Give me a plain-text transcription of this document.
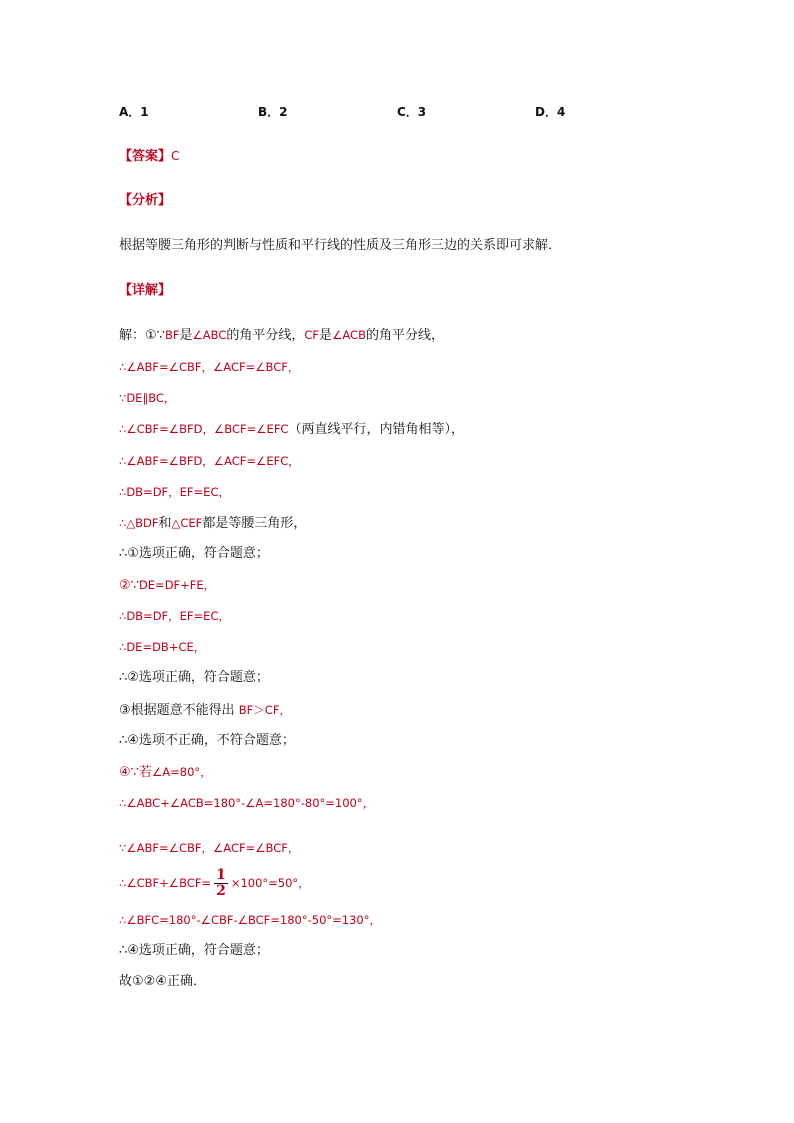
A．1	B．2	C．3	D．4
【答案】C
【分析】
根据等腰三角形的判断与性质和平行线的性质及三角形三边的关系即可求解．
【详解】
解：①∵BF是∠ABC的角平分线，CF是∠ACB的角平分线，
∴∠ABF=∠CBF，∠ACF=∠BCF，
∵DE∥BC，
∴∠CBF=∠BFD，∠BCF=∠EFC（两直线平行，内错角相等），
∴∠ABF=∠BFD，∠ACF=∠EFC，
∴DB=DF，EF=EC，
∴△BDF和△CEF都是等腰三角形，
∴①选项正确，符合题意；
②∵DE=DF+FE，
∴DB=DF，EF=EC，
∴DE=DB+CE，
∴②选项正确，符合题意；
③根据题意不能得出 BF＞CF，
∴④选项不正确，不符合题意；
④∵若∠A=80°，
∴∠ABC+∠ACB=180°-∠A=180°-80°=100°，
∵∠ABF=∠CBF，∠ACF=∠BCF，
∴∠CBF+∠BCF= $\frac{1}{2} \times 100^\circ=50^\circ$，
∴∠BFC=180°-∠CBF-∠BCF=180°-50°=130°，
∴④选项正确，符合题意；
故①②④正确．
